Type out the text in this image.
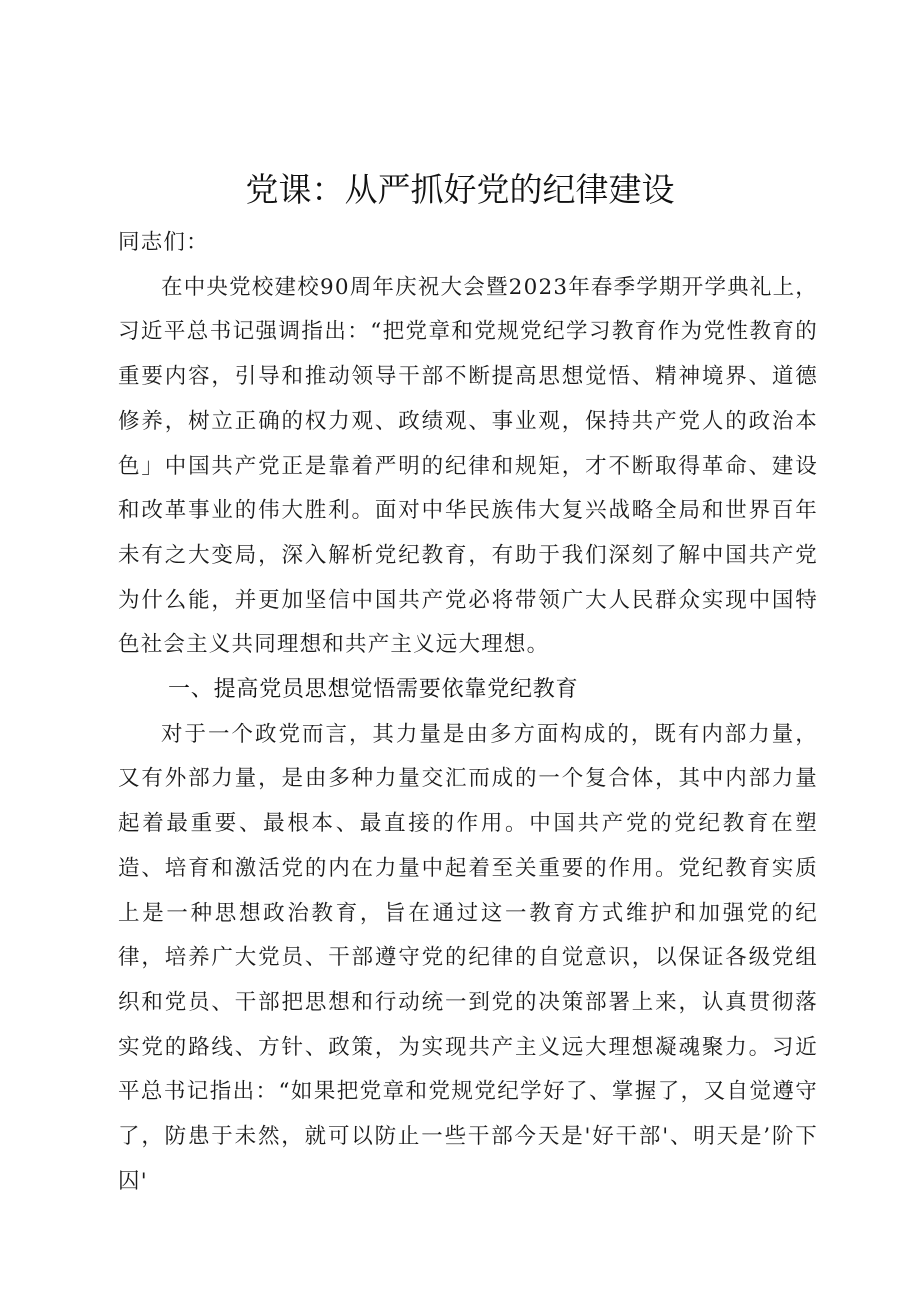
党课：从严抓好党的纪律建设

同志们：

在中央党校建校90周年庆祝大会暨2023年春季学期开学典礼上，习近平总书记强调指出：“把党章和党规党纪学习教育作为党性教育的重要内容，引导和推动领导干部不断提高思想觉悟、精神境界、道德修养，树立正确的权力观、政绩观、事业观，保持共产党人的政治本色」中国共产党正是靠着严明的纪律和规矩，才不断取得革命、建设和改革事业的伟大胜利。面对中华民族伟大复兴战略全局和世界百年未有之大变局，深入解析党纪教育，有助于我们深刻了解中国共产党为什么能，并更加坚信中国共产党必将带领广大人民群众实现中国特色社会主义共同理想和共产主义远大理想。

一、提高党员思想觉悟需要依靠党纪教育

对于一个政党而言，其力量是由多方面构成的，既有内部力量，又有外部力量，是由多种力量交汇而成的一个复合体，其中内部力量起着最重要、最根本、最直接的作用。中国共产党的党纪教育在塑造、培育和激活党的内在力量中起着至关重要的作用。党纪教育实质上是一种思想政治教育，旨在通过这一教育方式维护和加强党的纪律，培养广大党员、干部遵守党的纪律的自觉意识，以保证各级党组织和党员、干部把思想和行动统一到党的决策部署上来，认真贯彻落实党的路线、方针、政策，为实现共产主义远大理想凝魂聚力。习近平总书记指出：“如果把党章和党规党纪学好了、掌握了，又自觉遵守了，防患于未然，就可以防止一些干部今天是'好干部'、明天是’阶下囚'
